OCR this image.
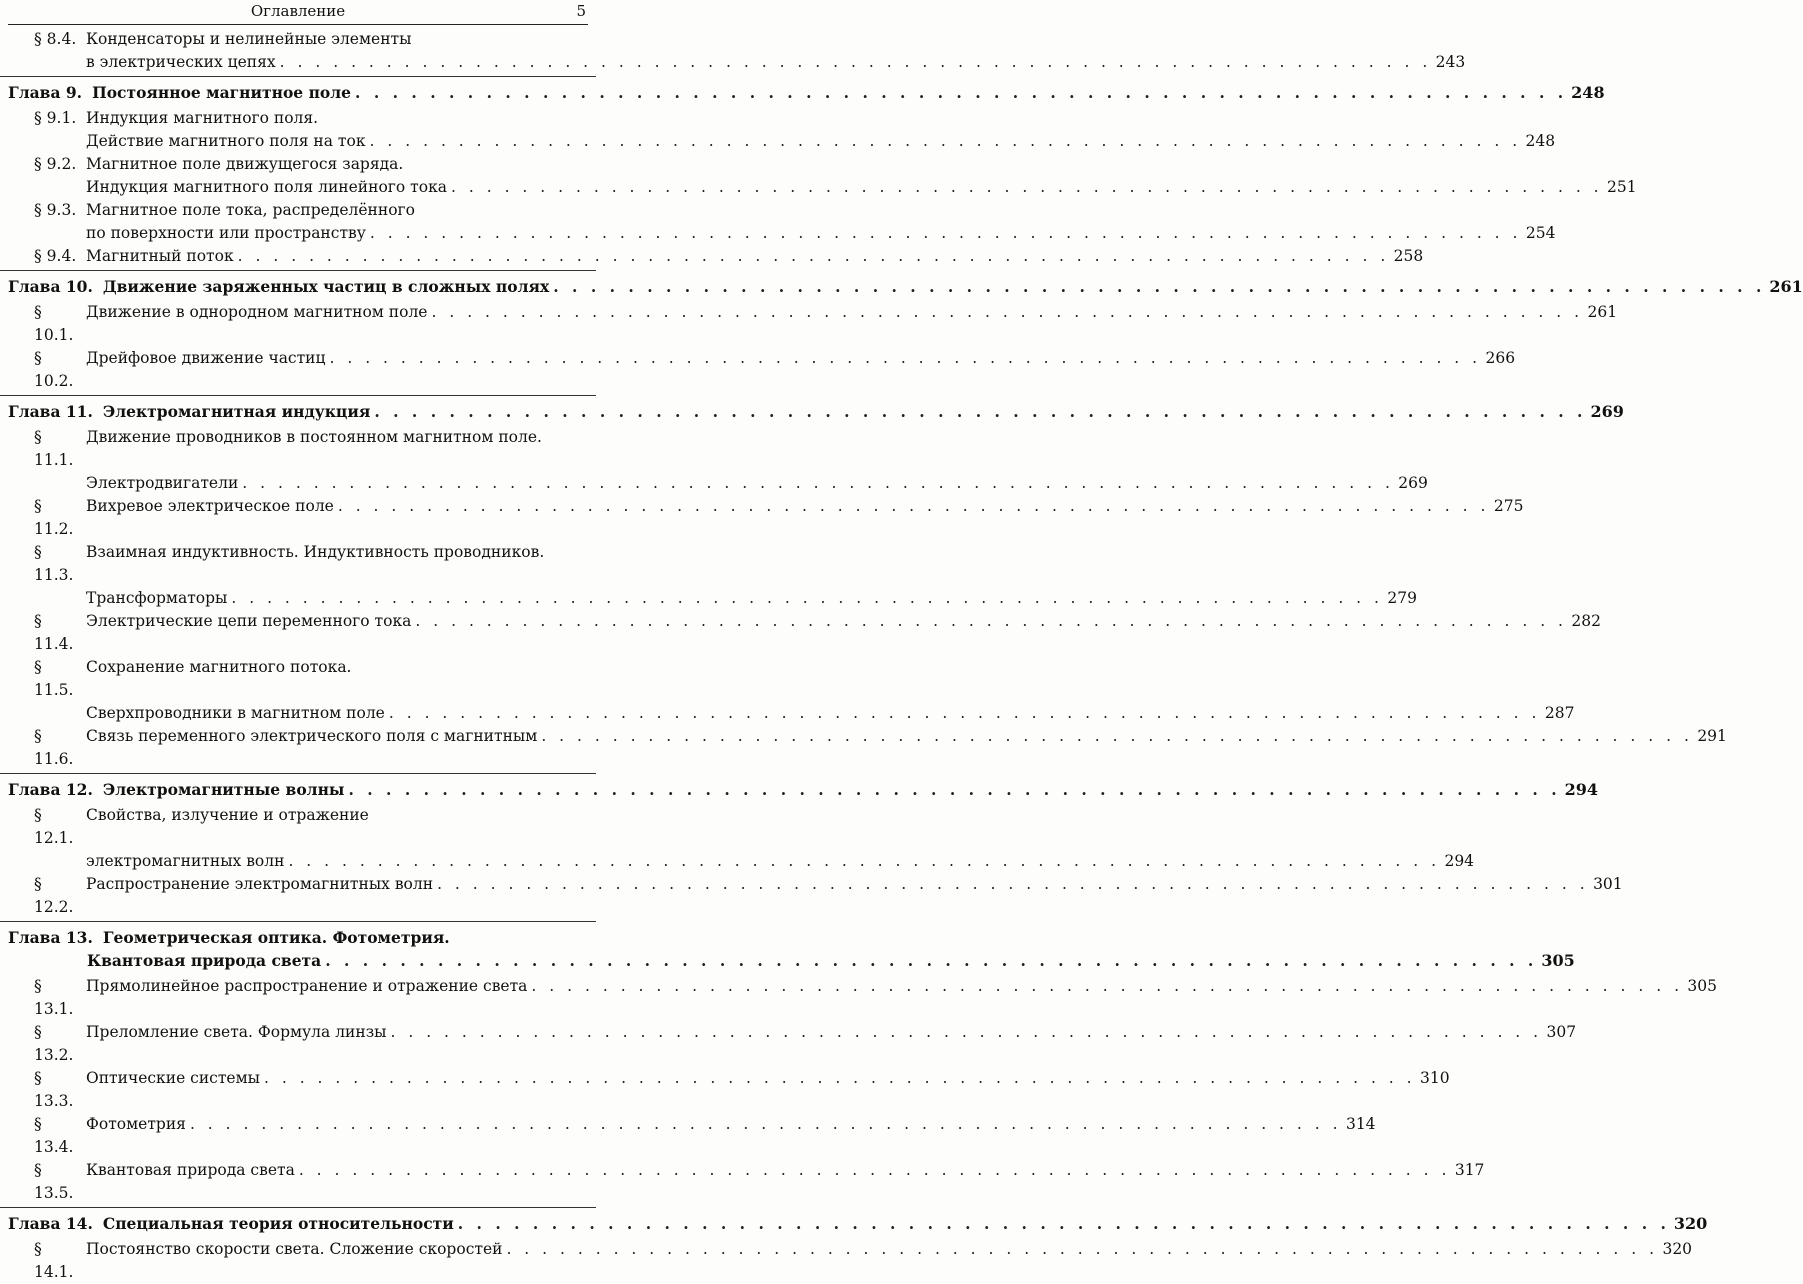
Оглавление	5
§ 8.4. Конденсаторы и нелинейные элементы
в электрических цепях . . . . . . . . . . . . . . . . . . . . . . . . . . . . . . . . . . . . . . . . . . . . . . . . . . . . . . . . . . . . . . . . . 243
Глава 9. Постоянное магнитное поле . . . . . . . . . . . . . . . . . . . . . . . . . . . . . . . . . . . . . . . . . . . . . . . . . . . . . . . . . . . . . . . . . 248
§ 9.1. Индукция магнитного поля.
Действие магнитного поля на ток . . . . . . . . . . . . . . . . . . . . . . . . . . . . . . . . . . . . . . . . . . . . . . . . . . . . . . . . . . . . . . . . . 248
§ 9.2. Магнитное поле движущегося заряда.
Индукция магнитного поля линейного тока . . . . . . . . . . . . . . . . . . . . . . . . . . . . . . . . . . . . . . . . . . . . . . . . . . . . . . . . . . . . . . . . . 251
§ 9.3. Магнитное поле тока, распределённого
по поверхности или пространству . . . . . . . . . . . . . . . . . . . . . . . . . . . . . . . . . . . . . . . . . . . . . . . . . . . . . . . . . . . . . . . . . 254
§ 9.4. Магнитный поток . . . . . . . . . . . . . . . . . . . . . . . . . . . . . . . . . . . . . . . . . . . . . . . . . . . . . . . . . . . . . . . . . 258
Глава 10. Движение заряженных частиц в сложных полях . . . . . . . . . . . . . . . . . . . . . . . . . . . . . . . . . . . . . . . . . . . . . . . . . . . . . . . . . . . . . . . . . 261
§ 10.1.
Движение в однородном магнитном поле . . . . . . . . . . . . . . . . . . . . . . . . . . . . . . . . . . . . . . . . . . . . . . . . . . . . . . . . . . . . . . . . . 261
§ 10.2.
Дрейфовое движение частиц . . . . . . . . . . . . . . . . . . . . . . . . . . . . . . . . . . . . . . . . . . . . . . . . . . . . . . . . . . . . . . . . . 266
Глава 11. Электромагнитная индукция . . . . . . . . . . . . . . . . . . . . . . . . . . . . . . . . . . . . . . . . . . . . . . . . . . . . . . . . . . . . . . . . . 269
§ 11.1.
Движение проводников в постоянном магнитном поле.
Электродвигатели . . . . . . . . . . . . . . . . . . . . . . . . . . . . . . . . . . . . . . . . . . . . . . . . . . . . . . . . . . . . . . . . . 269
§ 11.2.
Вихревое электрическое поле . . . . . . . . . . . . . . . . . . . . . . . . . . . . . . . . . . . . . . . . . . . . . . . . . . . . . . . . . . . . . . . . . 275
§ 11.3.
Взаимная индуктивность. Индуктивность проводников.
Трансформаторы . . . . . . . . . . . . . . . . . . . . . . . . . . . . . . . . . . . . . . . . . . . . . . . . . . . . . . . . . . . . . . . . . 279
§ 11.4.
Электрические цепи переменного тока . . . . . . . . . . . . . . . . . . . . . . . . . . . . . . . . . . . . . . . . . . . . . . . . . . . . . . . . . . . . . . . . . 282
§ 11.5.
Сохранение магнитного потока.
Сверхпроводники в магнитном поле . . . . . . . . . . . . . . . . . . . . . . . . . . . . . . . . . . . . . . . . . . . . . . . . . . . . . . . . . . . . . . . . . 287
§ 11.6.
Связь переменного электрического поля с магнитным . . . . . . . . . . . . . . . . . . . . . . . . . . . . . . . . . . . . . . . . . . . . . . . . . . . . . . . . . . . . . . . . . 291
Глава 12. Электромагнитные волны . . . . . . . . . . . . . . . . . . . . . . . . . . . . . . . . . . . . . . . . . . . . . . . . . . . . . . . . . . . . . . . . . 294
§ 12.1.
Свойства, излучение и отражение
электромагнитных волн . . . . . . . . . . . . . . . . . . . . . . . . . . . . . . . . . . . . . . . . . . . . . . . . . . . . . . . . . . . . . . . . . 294
§ 12.2.
Распространение электромагнитных волн . . . . . . . . . . . . . . . . . . . . . . . . . . . . . . . . . . . . . . . . . . . . . . . . . . . . . . . . . . . . . . . . . 301
Глава 13. Геометрическая оптика. Фотометрия.
Квантовая природа света . . . . . . . . . . . . . . . . . . . . . . . . . . . . . . . . . . . . . . . . . . . . . . . . . . . . . . . . . . . . . . . . . 305
§ 13.1.
Прямолинейное распространение и отражение света . . . . . . . . . . . . . . . . . . . . . . . . . . . . . . . . . . . . . . . . . . . . . . . . . . . . . . . . . . . . . . . . . 305
§ 13.2.
Преломление света. Формула линзы . . . . . . . . . . . . . . . . . . . . . . . . . . . . . . . . . . . . . . . . . . . . . . . . . . . . . . . . . . . . . . . . . 307
§ 13.3.
Оптические системы . . . . . . . . . . . . . . . . . . . . . . . . . . . . . . . . . . . . . . . . . . . . . . . . . . . . . . . . . . . . . . . . . 310
§ 13.4.
Фотометрия . . . . . . . . . . . . . . . . . . . . . . . . . . . . . . . . . . . . . . . . . . . . . . . . . . . . . . . . . . . . . . . . . 314
§ 13.5.
Квантовая природа света . . . . . . . . . . . . . . . . . . . . . . . . . . . . . . . . . . . . . . . . . . . . . . . . . . . . . . . . . . . . . . . . . 317
Глава 14. Специальная теория относительности . . . . . . . . . . . . . . . . . . . . . . . . . . . . . . . . . . . . . . . . . . . . . . . . . . . . . . . . . . . . . . . . . 320
§ 14.1.
Постоянство скорости света. Сложение скоростей . . . . . . . . . . . . . . . . . . . . . . . . . . . . . . . . . . . . . . . . . . . . . . . . . . . . . . . . . . . . . . . . . 320
